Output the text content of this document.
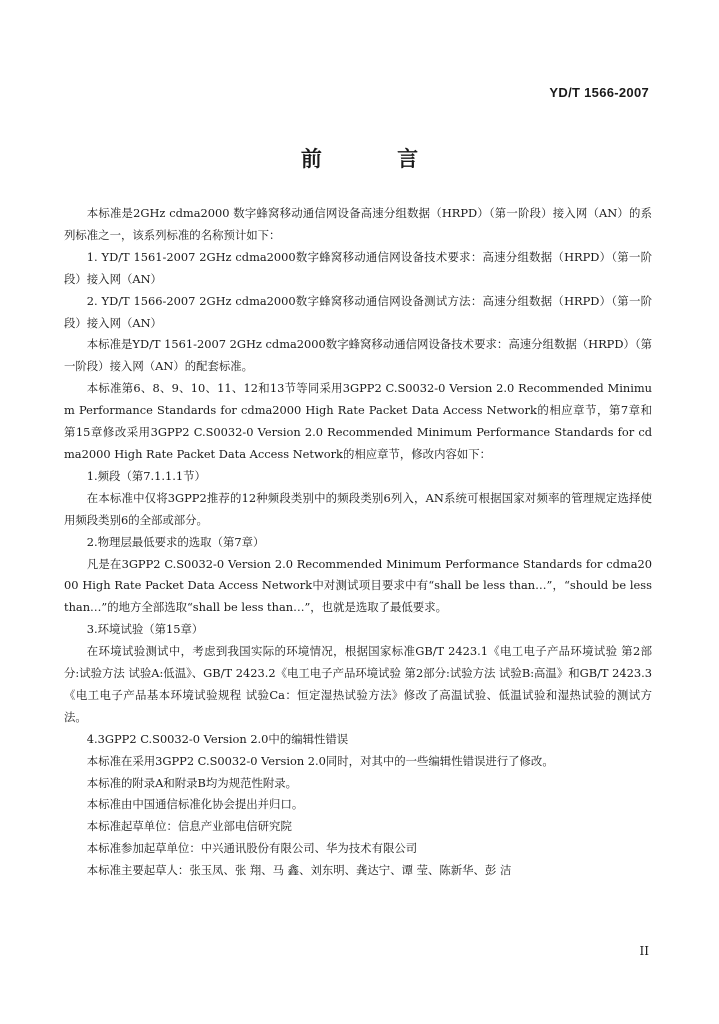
YD/T 1566-2007
前 言

本标准是2GHz cdma2000 数字蜂窝移动通信网设备高速分组数据（HRPD）（第一阶段）接入网（AN）的系列标准之一，该系列标准的名称预计如下：

1. YD/T 1561-2007 2GHz cdma2000数字蜂窝移动通信网设备技术要求：高速分组数据（HRPD）（第一阶段）接入网（AN）

2. YD/T 1566-2007 2GHz cdma2000数字蜂窝移动通信网设备测试方法：高速分组数据（HRPD）（第一阶段）接入网（AN）

本标准是YD/T 1561-2007 2GHz cdma2000数字蜂窝移动通信网设备技术要求：高速分组数据（HRPD）（第一阶段）接入网（AN）的配套标准。

本标准第6、8、9、10、11、12和13节等同采用3GPP2 C.S0032-0 Version 2.0 Recommended Minimum Performance Standards for cdma2000 High Rate Packet Data Access Network的相应章节，第7章和第15章修改采用3GPP2 C.S0032-0 Version 2.0 Recommended Minimum Performance Standards for cdma2000 High Rate Packet Data Access Network的相应章节，修改内容如下：

1.频段（第7.1.1.1节）

在本标准中仅将3GPP2推荐的12种频段类别中的频段类别6列入，AN系统可根据国家对频率的管理规定选择使用频段类别6的全部或部分。

2.物理层最低要求的选取（第7章）

凡是在3GPP2 C.S0032-0 Version 2.0 Recommended Minimum Performance Standards for cdma2000 High Rate Packet Data Access Network中对测试项目要求中有“shall be less than…”，“should be less than…”的地方全部选取“shall be less than…”，也就是选取了最低要求。

3.环境试验（第15章）

在环境试验测试中，考虑到我国实际的环境情况，根据国家标准GB/T 2423.1《电工电子产品环境试验 第2部分:试验方法 试验A:低温》、GB/T 2423.2《电工电子产品环境试验 第2部分:试验方法 试验B:高温》和GB/T 2423.3《电工电子产品基本环境试验规程 试验Ca：恒定湿热试验方法》修改了高温试验、低温试验和湿热试验的测试方法。

4.3GPP2 C.S0032-0 Version 2.0中的编辑性错误

本标准在采用3GPP2 C.S0032-0 Version 2.0同时，对其中的一些编辑性错误进行了修改。

本标准的附录A和附录B均为规范性附录。

本标准由中国通信标准化协会提出并归口。

本标准起草单位：信息产业部电信研究院

本标准参加起草单位：中兴通讯股份有限公司、华为技术有限公司

本标准主要起草人：张玉凤、张 翔、马 鑫、刘东明、龚达宁、谭 莹、陈新华、彭 洁

II
